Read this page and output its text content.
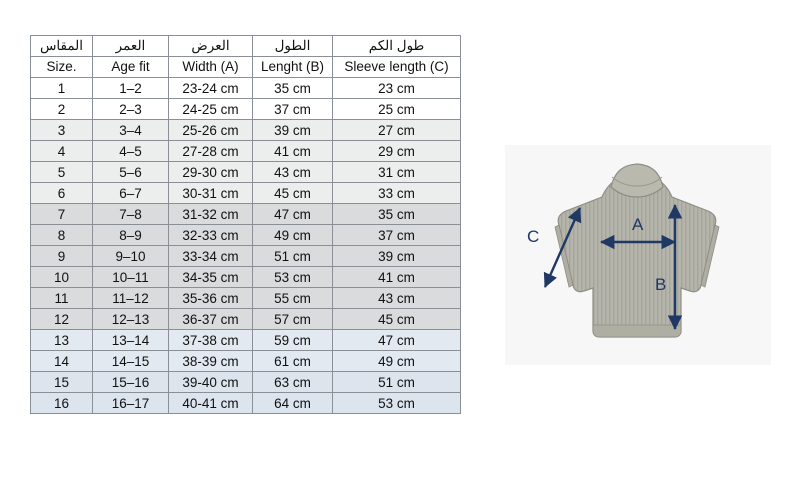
المقاس	العمر	العرض	الطول	طول الكم
Size.	Age fit	Width (A)	Lenght (B)	Sleeve length (C)
1	1–2	23-24 cm	35 cm	23 cm
2	2–3	24-25 cm	37 cm	25 cm
3	3–4	25-26 cm	39 cm	27 cm
4	4–5	27-28 cm	41 cm	29 cm
5	5–6	29-30 cm	43 cm	31 cm
6	6–7	30-31 cm	45 cm	33 cm
7	7–8	31-32 cm	47 cm	35 cm
8	8–9	32-33 cm	49 cm	37 cm
9	9–10	33-34 cm	51 cm	39 cm
10	10–11	34-35 cm	53 cm	41 cm
11	11–12	35-36 cm	55 cm	43 cm
12	12–13	36-37 cm	57 cm	45 cm
13	13–14	37-38 cm	59 cm	47 cm
14	14–15	38-39 cm	61 cm	49 cm
15	15–16	39-40 cm	63 cm	51 cm
16	16–17	40-41 cm	64 cm	53 cm
A
B
C
